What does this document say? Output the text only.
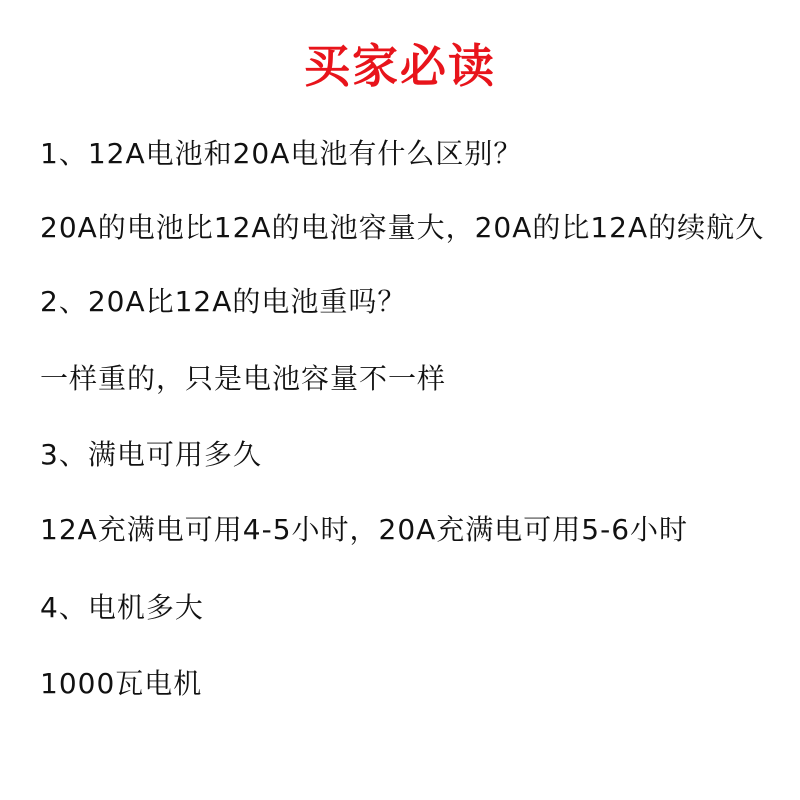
买家必读
1、12A电池和20A电池有什么区别？
20A的电池比12A的电池容量大，20A的比12A的续航久
2、20A比12A的电池重吗？
一样重的，只是电池容量不一样
3、满电可用多久
12A充满电可用4-5小时，20A充满电可用5-6小时
4、电机多大
1000瓦电机
